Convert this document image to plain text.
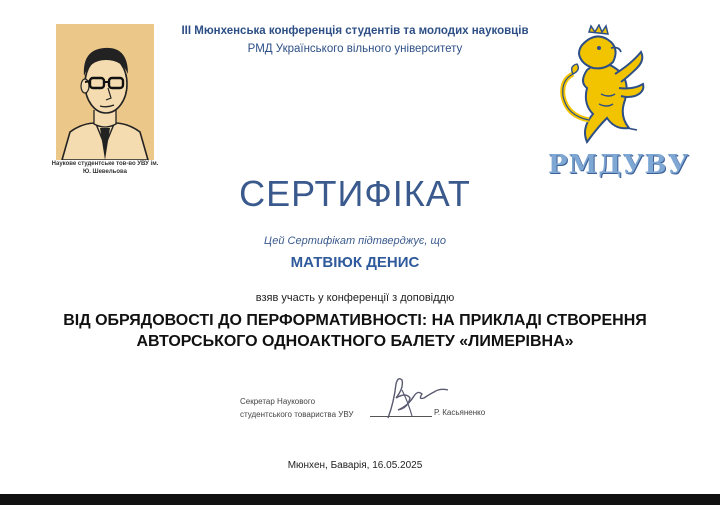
Наукове студентське тов-во УВУ ім. Ю. Шевельова
ІІІ Мюнхенська конференція студентів та молодих науковців
РМД Українського вільного університету
РМДУВУ
СЕРТИФІКАТ
Цей Сертифікат підтверджує, що
МАТВІЮК ДЕНИС
взяв участь у конференції з доповіддю
ВІД ОБРЯДОВОСТІ ДО ПЕРФОРМАТИВНОСТІ: НА ПРИКЛАДІ СТВОРЕННЯ
АВТОРСЬКОГО ОДНОАКТНОГО БАЛЕТУ «ЛИМЕРІВНА»
Секретар Наукового
студентського товариства УВУ	Р. Касьяненко
Мюнхен, Баварія, 16.05.2025
